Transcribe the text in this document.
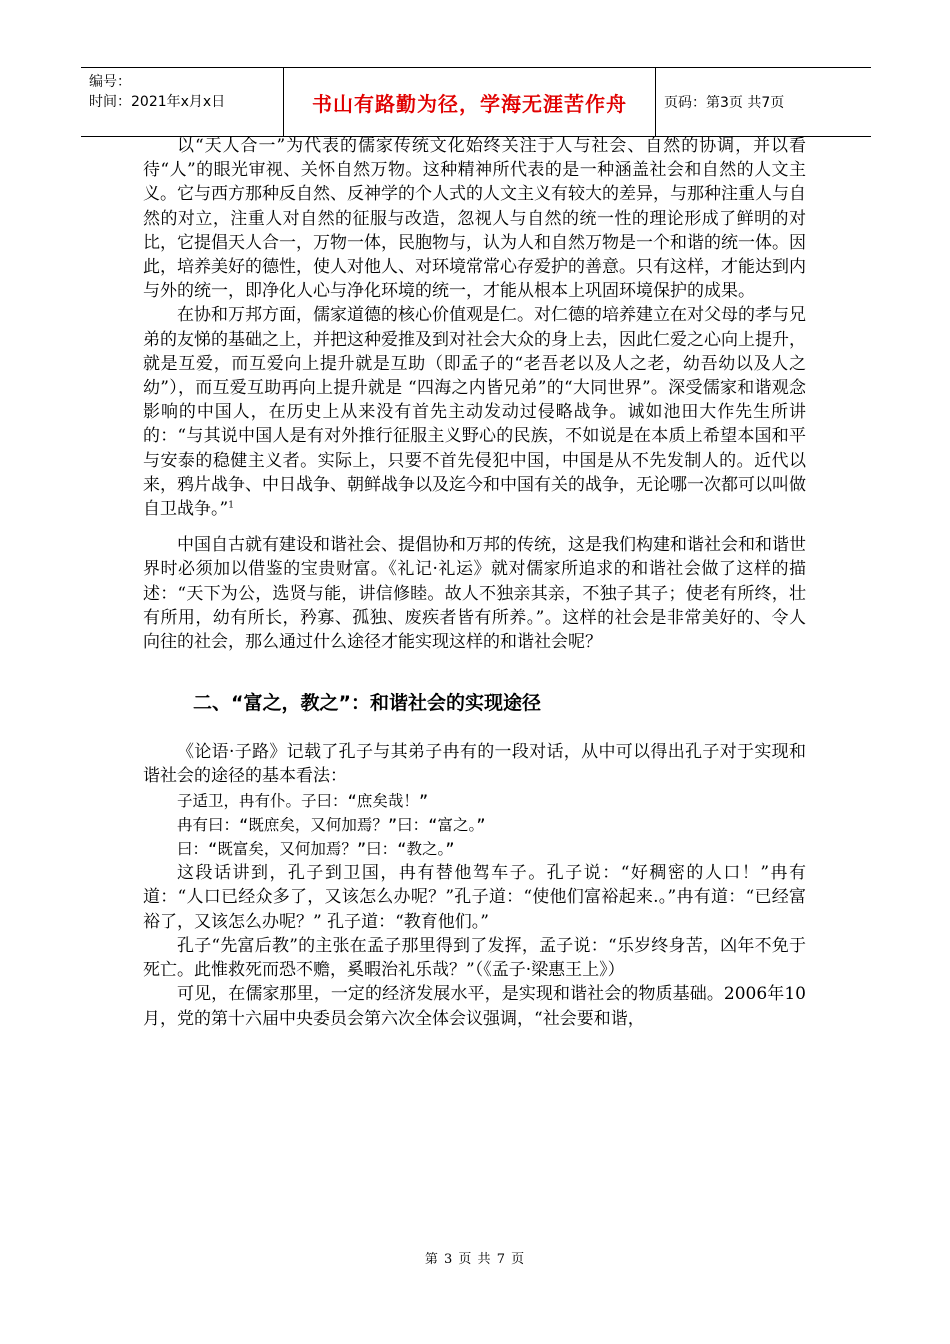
编号：
时间：2021年x月x日	书山有路勤为径，学海无涯苦作舟	页码：第3页 共7页

以“天人合一”为代表的儒家传统文化始终关注于人与社会、自然的协调，并以看待“人”的眼光审视、关怀自然万物。这种精神所代表的是一种涵盖社会和自然的人文主义。它与西方那种反自然、反神学的个人式的人文主义有较大的差异，与那种注重人与自然的对立，注重人对自然的征服与改造，忽视人与自然的统一性的理论形成了鲜明的对比，它提倡天人合一，万物一体，民胞物与，认为人和自然万物是一个和谐的统一体。因此，培养美好的德性，使人对他人、对环境常常心存爱护的善意。只有这样，才能达到内与外的统一，即净化人心与净化环境的统一，才能从根本上巩固环境保护的成果。

在协和万邦方面，儒家道德的核心价值观是仁。对仁德的培养建立在对父母的孝与兄弟的友悌的基础之上，并把这种爱推及到对社会大众的身上去，因此仁爱之心向上提升，就是互爱，而互爱向上提升就是互助（即孟子的“老吾老以及人之老，幼吾幼以及人之幼”），而互爱互助再向上提升就是 “四海之内皆兄弟”的“大同世界”。深受儒家和谐观念影响的中国人，在历史上从来没有首先主动发动过侵略战争。诚如池田大作先生所讲的：“与其说中国人是有对外推行征服主义野心的民族，不如说是在本质上希望本国和平与安泰的稳健主义者。实际上，只要不首先侵犯中国，中国是从不先发制人的。近代以来，鸦片战争、中日战争、朝鲜战争以及迄今和中国有关的战争，无论哪一次都可以叫做自卫战争。”$^1$

中国自古就有建设和谐社会、提倡协和万邦的传统，这是我们构建和谐社会和和谐世界时必须加以借鉴的宝贵财富。《礼记·礼运》就对儒家所追求的和谐社会做了这样的描述：“天下为公，选贤与能，讲信修睦。故人不独亲其亲，不独子其子；使老有所终，壮有所用，幼有所长，矜寡、孤独、废疾者皆有所养。”。这样的社会是非常美好的、令人向往的社会，那么通过什么途径才能实现这样的和谐社会呢？

二、“富之，教之”：和谐社会的实现途径

《论语·子路》记载了孔子与其弟子冉有的一段对话，从中可以得出孔子对于实现和谐社会的途径的基本看法：

子适卫，冉有仆。子曰：“庶矣哉！”

冉有曰：“既庶矣，又何加焉？”曰：“富之。”

曰：“既富矣，又何加焉？”曰：“教之。”

这段话讲到，孔子到卫国，冉有替他驾车子。孔子说：“好稠密的人口！”冉有道：“人口已经众多了，又该怎么办呢？”孔子道：“使他们富裕起来.。”冉有道：“已经富裕了，又该怎么办呢？” 孔子道：“教育他们。”

孔子“先富后教”的主张在孟子那里得到了发挥，孟子说：“乐岁终身苦，凶年不免于死亡。此惟救死而恐不赡，奚暇治礼乐哉？”（《孟子·梁惠王上》）

可见，在儒家那里，一定的经济发展水平，是实现和谐社会的物质基础。2006年10月，党的第十六届中央委员会第六次全体会议强调，“社会要和谐，

第 3 页 共 7 页
